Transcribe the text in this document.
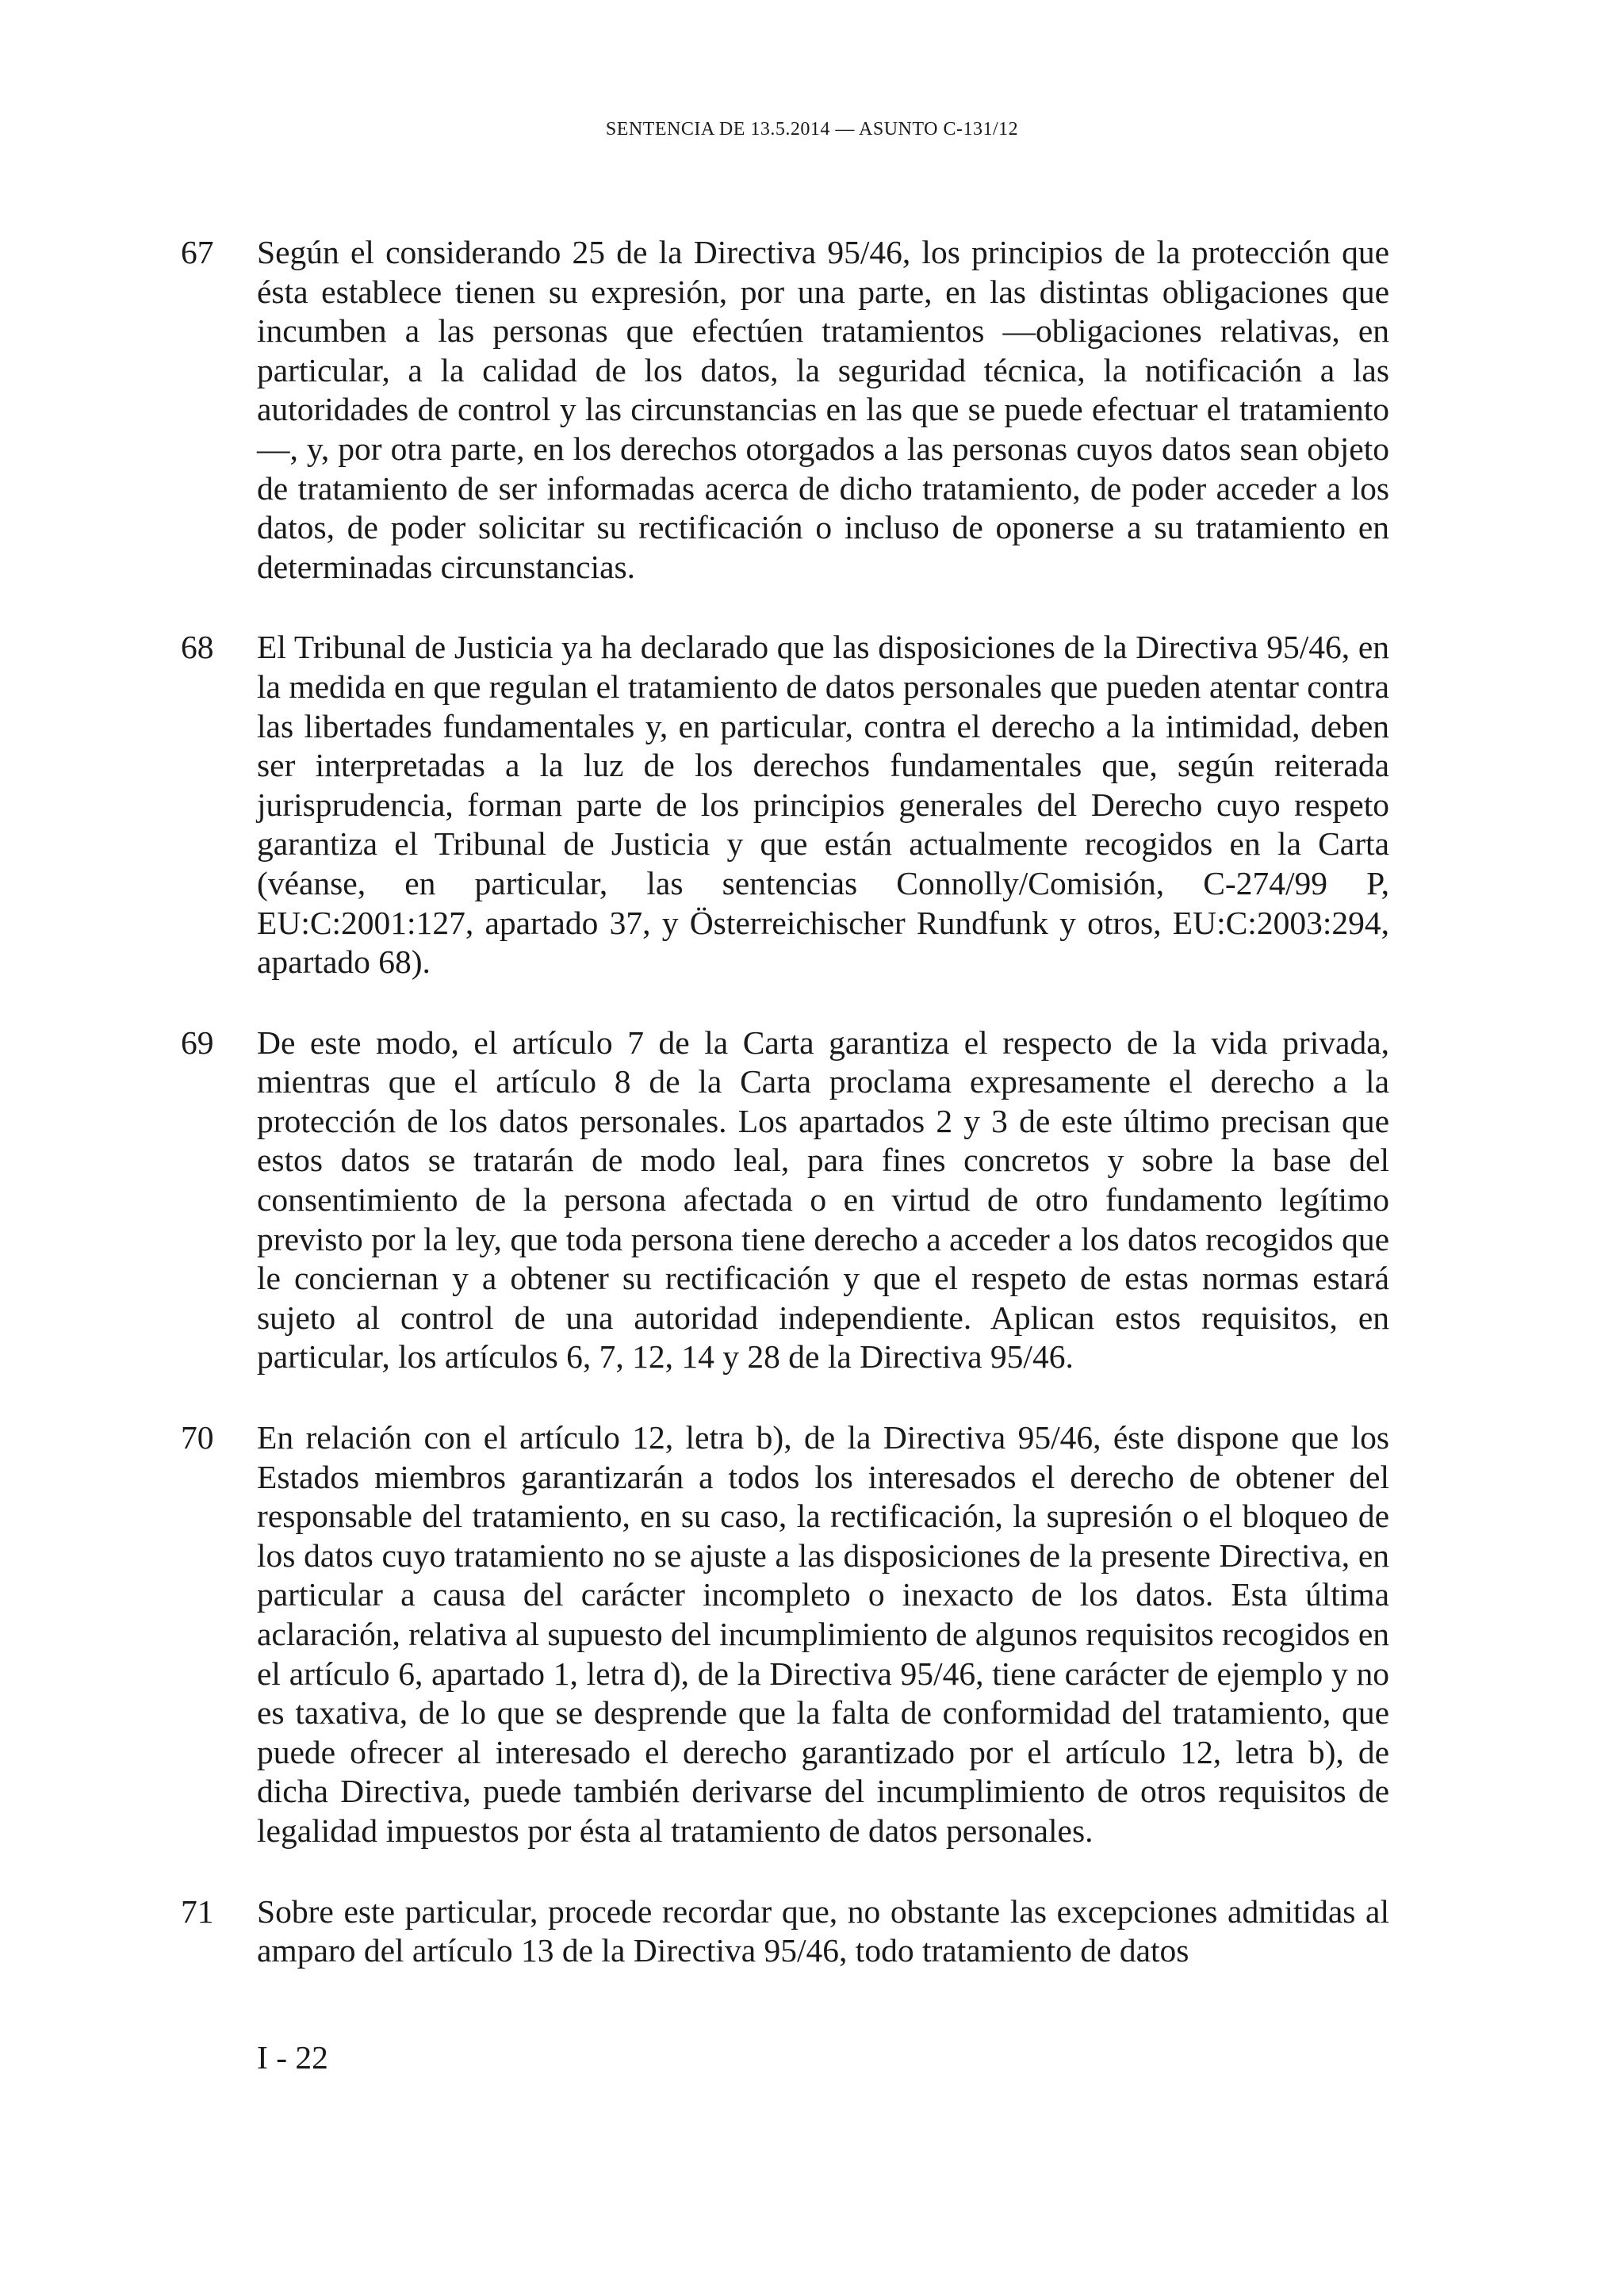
SENTENCIA DE 13.5.2014 — ASUNTO C-131/12
67 Según el considerando 25 de la Directiva 95/46, los principios de la protección que ésta establece tienen su expresión, por una parte, en las distintas obligaciones que incumben a las personas que efectúen tratamientos —obligaciones relativas, en particular, a la calidad de los datos, la seguridad técnica, la notificación a las autoridades de control y las circunstancias en las que se puede efectuar el tratamiento—, y, por otra parte, en los derechos otorgados a las personas cuyos datos sean objeto de tratamiento de ser informadas acerca de dicho tratamiento, de poder acceder a los datos, de poder solicitar su rectificación o incluso de oponerse a su tratamiento en determinadas circunstancias.
68 El Tribunal de Justicia ya ha declarado que las disposiciones de la Directiva 95/46, en la medida en que regulan el tratamiento de datos personales que pueden atentar contra las libertades fundamentales y, en particular, contra el derecho a la intimidad, deben ser interpretadas a la luz de los derechos fundamentales que, según reiterada jurisprudencia, forman parte de los principios generales del Derecho cuyo respeto garantiza el Tribunal de Justicia y que están actualmente recogidos en la Carta (véanse, en particular, las sentencias Connolly/Comisión, C-274/99 P, EU:C:2001:127, apartado 37, y Österreichischer Rundfunk y otros, EU:C:2003:294, apartado 68).
69 De este modo, el artículo 7 de la Carta garantiza el respecto de la vida privada, mientras que el artículo 8 de la Carta proclama expresamente el derecho a la protección de los datos personales. Los apartados 2 y 3 de este último precisan que estos datos se tratarán de modo leal, para fines concretos y sobre la base del consentimiento de la persona afectada o en virtud de otro fundamento legítimo previsto por la ley, que toda persona tiene derecho a acceder a los datos recogidos que le conciernan y a obtener su rectificación y que el respeto de estas normas estará sujeto al control de una autoridad independiente. Aplican estos requisitos, en particular, los artículos 6, 7, 12, 14 y 28 de la Directiva 95/46.
70 En relación con el artículo 12, letra b), de la Directiva 95/46, éste dispone que los Estados miembros garantizarán a todos los interesados el derecho de obtener del responsable del tratamiento, en su caso, la rectificación, la supresión o el bloqueo de los datos cuyo tratamiento no se ajuste a las disposiciones de la presente Directiva, en particular a causa del carácter incompleto o inexacto de los datos. Esta última aclaración, relativa al supuesto del incumplimiento de algunos requisitos recogidos en el artículo 6, apartado 1, letra d), de la Directiva 95/46, tiene carácter de ejemplo y no es taxativa, de lo que se desprende que la falta de conformidad del tratamiento, que puede ofrecer al interesado el derecho garantizado por el artículo 12, letra b), de dicha Directiva, puede también derivarse del incumplimiento de otros requisitos de legalidad impuestos por ésta al tratamiento de datos personales.
71 Sobre este particular, procede recordar que, no obstante las excepciones admitidas al amparo del artículo 13 de la Directiva 95/46, todo tratamiento de datos
I - 22
